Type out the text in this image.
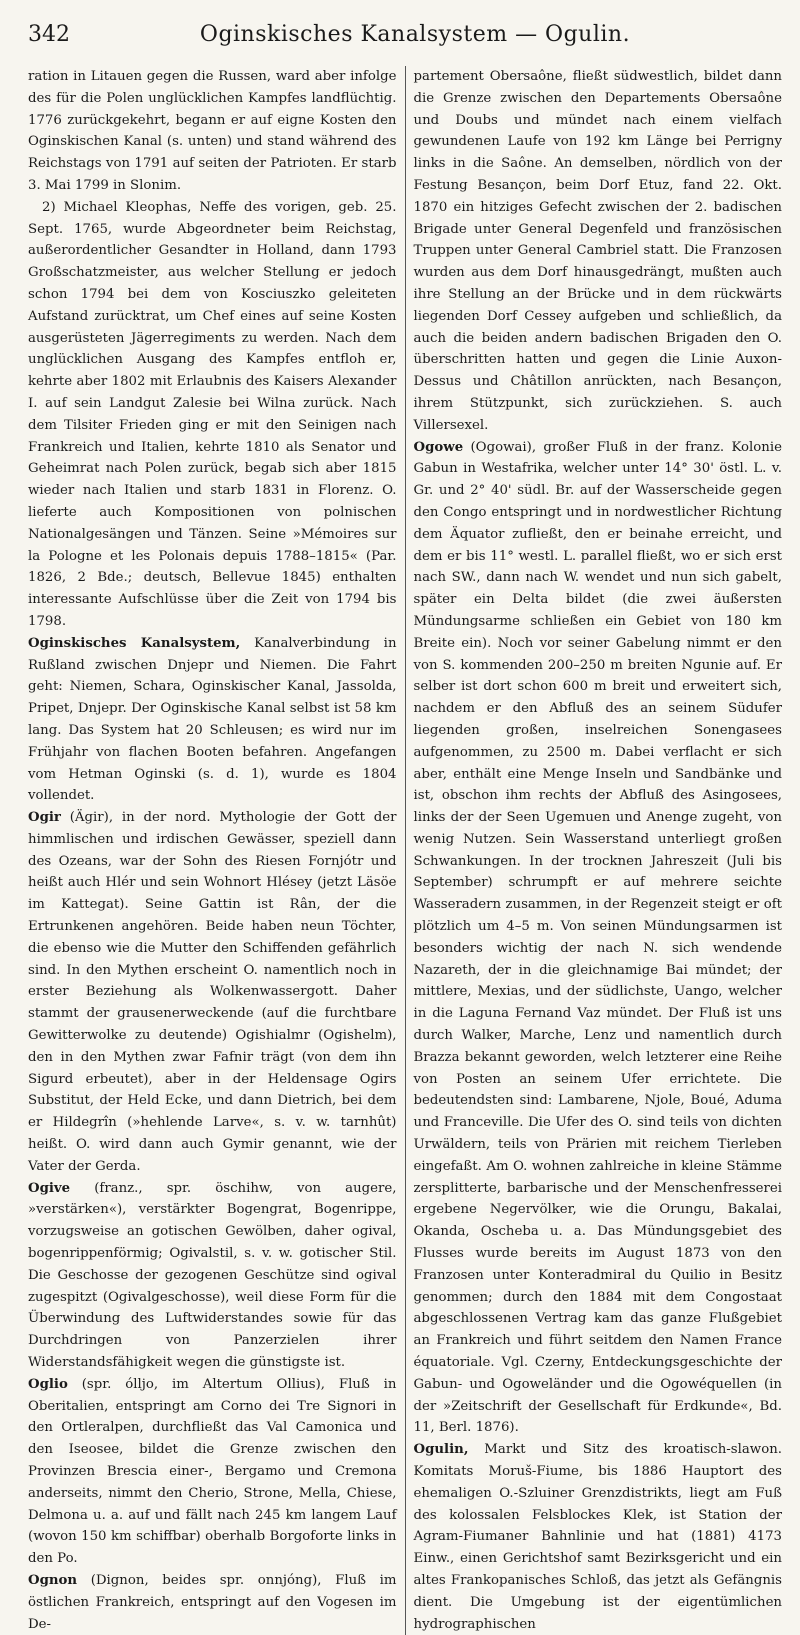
342	Oginskisches Kanalsystem — Ogulin.

ration in Litauen gegen die Russen, ward aber infolge des für die Polen unglücklichen Kampfes landflüchtig. 1776 zurückgekehrt, begann er auf eigne Kosten den Oginskischen Kanal (s. unten) und stand während des Reichstags von 1791 auf seiten der Patrioten. Er starb 3. Mai 1799 in Slonim.

2) Michael Kleophas, Neffe des vorigen, geb. 25. Sept. 1765, wurde Abgeordneter beim Reichstag, außerordentlicher Gesandter in Holland, dann 1793 Großschatzmeister, aus welcher Stellung er jedoch schon 1794 bei dem von Kosciuszko geleiteten Aufstand zurücktrat, um Chef eines auf seine Kosten ausgerüsteten Jägerregiments zu werden. Nach dem unglücklichen Ausgang des Kampfes entfloh er, kehrte aber 1802 mit Erlaubnis des Kaisers Alexander I. auf sein Landgut Zalesie bei Wilna zurück. Nach dem Tilsiter Frieden ging er mit den Seinigen nach Frankreich und Italien, kehrte 1810 als Senator und Geheimrat nach Polen zurück, begab sich aber 1815 wieder nach Italien und starb 1831 in Florenz. O. lieferte auch Kompositionen von polnischen Nationalgesängen und Tänzen. Seine »Mémoires sur la Pologne et les Polonais depuis 1788–1815« (Par. 1826, 2 Bde.; deutsch, Bellevue 1845) enthalten interessante Aufschlüsse über die Zeit von 1794 bis 1798.

Oginskisches Kanalsystem, Kanalverbindung in Rußland zwischen Dnjepr und Niemen. Die Fahrt geht: Niemen, Schara, Oginskischer Kanal, Jassolda, Pripet, Dnjepr. Der Oginskische Kanal selbst ist 58 km lang. Das System hat 20 Schleusen; es wird nur im Frühjahr von flachen Booten befahren. Angefangen vom Hetman Oginski (s. d. 1), wurde es 1804 vollendet.

Ogir (Ägir), in der nord. Mythologie der Gott der himmlischen und irdischen Gewässer, speziell dann des Ozeans, war der Sohn des Riesen Fornjótr und heißt auch Hlér und sein Wohnort Hlésey (jetzt Läsöe im Kattegat). Seine Gattin ist Rân, der die Ertrunkenen angehören. Beide haben neun Töchter, die ebenso wie die Mutter den Schiffenden gefährlich sind. In den Mythen erscheint O. namentlich noch in erster Beziehung als Wolkenwassergott. Daher stammt der grausenerweckende (auf die furchtbare Gewitterwolke zu deutende) Ogishialmr (Ogishelm), den in den Mythen zwar Fafnir trägt (von dem ihn Sigurd erbeutet), aber in der Heldensage Ogirs Substitut, der Held Ecke, und dann Dietrich, bei dem er Hildegrîn (»hehlende Larve«, s. v. w. tarnhût) heißt. O. wird dann auch Gymir genannt, wie der Vater der Gerda.

Ogive (franz., spr. öschihw, von augere, »verstärken«), verstärkter Bogengrat, Bogenrippe, vorzugsweise an gotischen Gewölben, daher ogival, bogenrippenförmig; Ogivalstil, s. v. w. gotischer Stil. Die Geschosse der gezogenen Geschütze sind ogival zugespitzt (Ogivalgeschosse), weil diese Form für die Überwindung des Luftwiderstandes sowie für das Durchdringen von Panzerzielen ihrer Widerstandsfähigkeit wegen die günstigste ist.

Oglio (spr. ólljo, im Altertum Ollius), Fluß in Oberitalien, entspringt am Corno dei Tre Signori in den Ortleralpen, durchfließt das Val Camonica und den Iseosee, bildet die Grenze zwischen den Provinzen Brescia einer-, Bergamo und Cremona anderseits, nimmt den Cherio, Strone, Mella, Chiese, Delmona u. a. auf und fällt nach 245 km langem Lauf (wovon 150 km schiffbar) oberhalb Borgoforte links in den Po.

Ognon (Dignon, beides spr. onnjóng), Fluß im östlichen Frankreich, entspringt auf den Vogesen im De-

partement Obersaône, fließt südwestlich, bildet dann die Grenze zwischen den Departements Obersaône und Doubs und mündet nach einem vielfach gewundenen Laufe von 192 km Länge bei Perrigny links in die Saône. An demselben, nördlich von der Festung Besançon, beim Dorf Etuz, fand 22. Okt. 1870 ein hitziges Gefecht zwischen der 2. badischen Brigade unter General Degenfeld und französischen Truppen unter General Cambriel statt. Die Franzosen wurden aus dem Dorf hinausgedrängt, mußten auch ihre Stellung an der Brücke und in dem rückwärts liegenden Dorf Cessey aufgeben und schließlich, da auch die beiden andern badischen Brigaden den O. überschritten hatten und gegen die Linie Auxon-Dessus und Châtillon anrückten, nach Besançon, ihrem Stützpunkt, sich zurückziehen. S. auch Villersexel.

Ogowe (Ogowai), großer Fluß in der franz. Kolonie Gabun in Westafrika, welcher unter 14° 30' östl. L. v. Gr. und 2° 40' südl. Br. auf der Wasserscheide gegen den Congo entspringt und in nordwestlicher Richtung dem Äquator zufließt, den er beinahe erreicht, und dem er bis 11° westl. L. parallel fließt, wo er sich erst nach SW., dann nach W. wendet und nun sich gabelt, später ein Delta bildet (die zwei äußersten Mündungsarme schließen ein Gebiet von 180 km Breite ein). Noch vor seiner Gabelung nimmt er den von S. kommenden 200–250 m breiten Ngunie auf. Er selber ist dort schon 600 m breit und erweitert sich, nachdem er den Abfluß des an seinem Südufer liegenden großen, inselreichen Sonengasees aufgenommen, zu 2500 m. Dabei verflacht er sich aber, enthält eine Menge Inseln und Sandbänke und ist, obschon ihm rechts der Abfluß des Asingosees, links der der Seen Ugemuen und Anenge zugeht, von wenig Nutzen. Sein Wasserstand unterliegt großen Schwankungen. In der trocknen Jahreszeit (Juli bis September) schrumpft er auf mehrere seichte Wasseradern zusammen, in der Regenzeit steigt er oft plötzlich um 4–5 m. Von seinen Mündungsarmen ist besonders wichtig der nach N. sich wendende Nazareth, der in die gleichnamige Bai mündet; der mittlere, Mexias, und der südlichste, Uango, welcher in die Laguna Fernand Vaz mündet. Der Fluß ist uns durch Walker, Marche, Lenz und namentlich durch Brazza bekannt geworden, welch letzterer eine Reihe von Posten an seinem Ufer errichtete. Die bedeutendsten sind: Lambarene, Njole, Boué, Aduma und Franceville. Die Ufer des O. sind teils von dichten Urwäldern, teils von Prärien mit reichem Tierleben eingefaßt. Am O. wohnen zahlreiche in kleine Stämme zersplitterte, barbarische und der Menschenfresserei ergebene Negervölker, wie die Orungu, Bakalai, Okanda, Oscheba u. a. Das Mündungsgebiet des Flusses wurde bereits im August 1873 von den Franzosen unter Konteradmiral du Quilio in Besitz genommen; durch den 1884 mit dem Congostaat abgeschlossenen Vertrag kam das ganze Flußgebiet an Frankreich und führt seitdem den Namen France équatoriale. Vgl. Czerny, Entdeckungsgeschichte der Gabun- und Ogoweländer und die Ogowéquellen (in der »Zeitschrift der Gesellschaft für Erdkunde«, Bd. 11, Berl. 1876).

Ogulin, Markt und Sitz des kroatisch-slawon. Komitats Moruš-Fiume, bis 1886 Hauptort des ehemaligen O.-Szluiner Grenzdistrikts, liegt am Fuß des kolossalen Felsblockes Klek, ist Station der Agram-Fiumaner Bahnlinie und hat (1881) 4173 Einw., einen Gerichtshof samt Bezirksgericht und ein altes Frankopanisches Schloß, das jetzt als Gefängnis dient. Die Umgebung ist der eigentümlichen hydrographischen
